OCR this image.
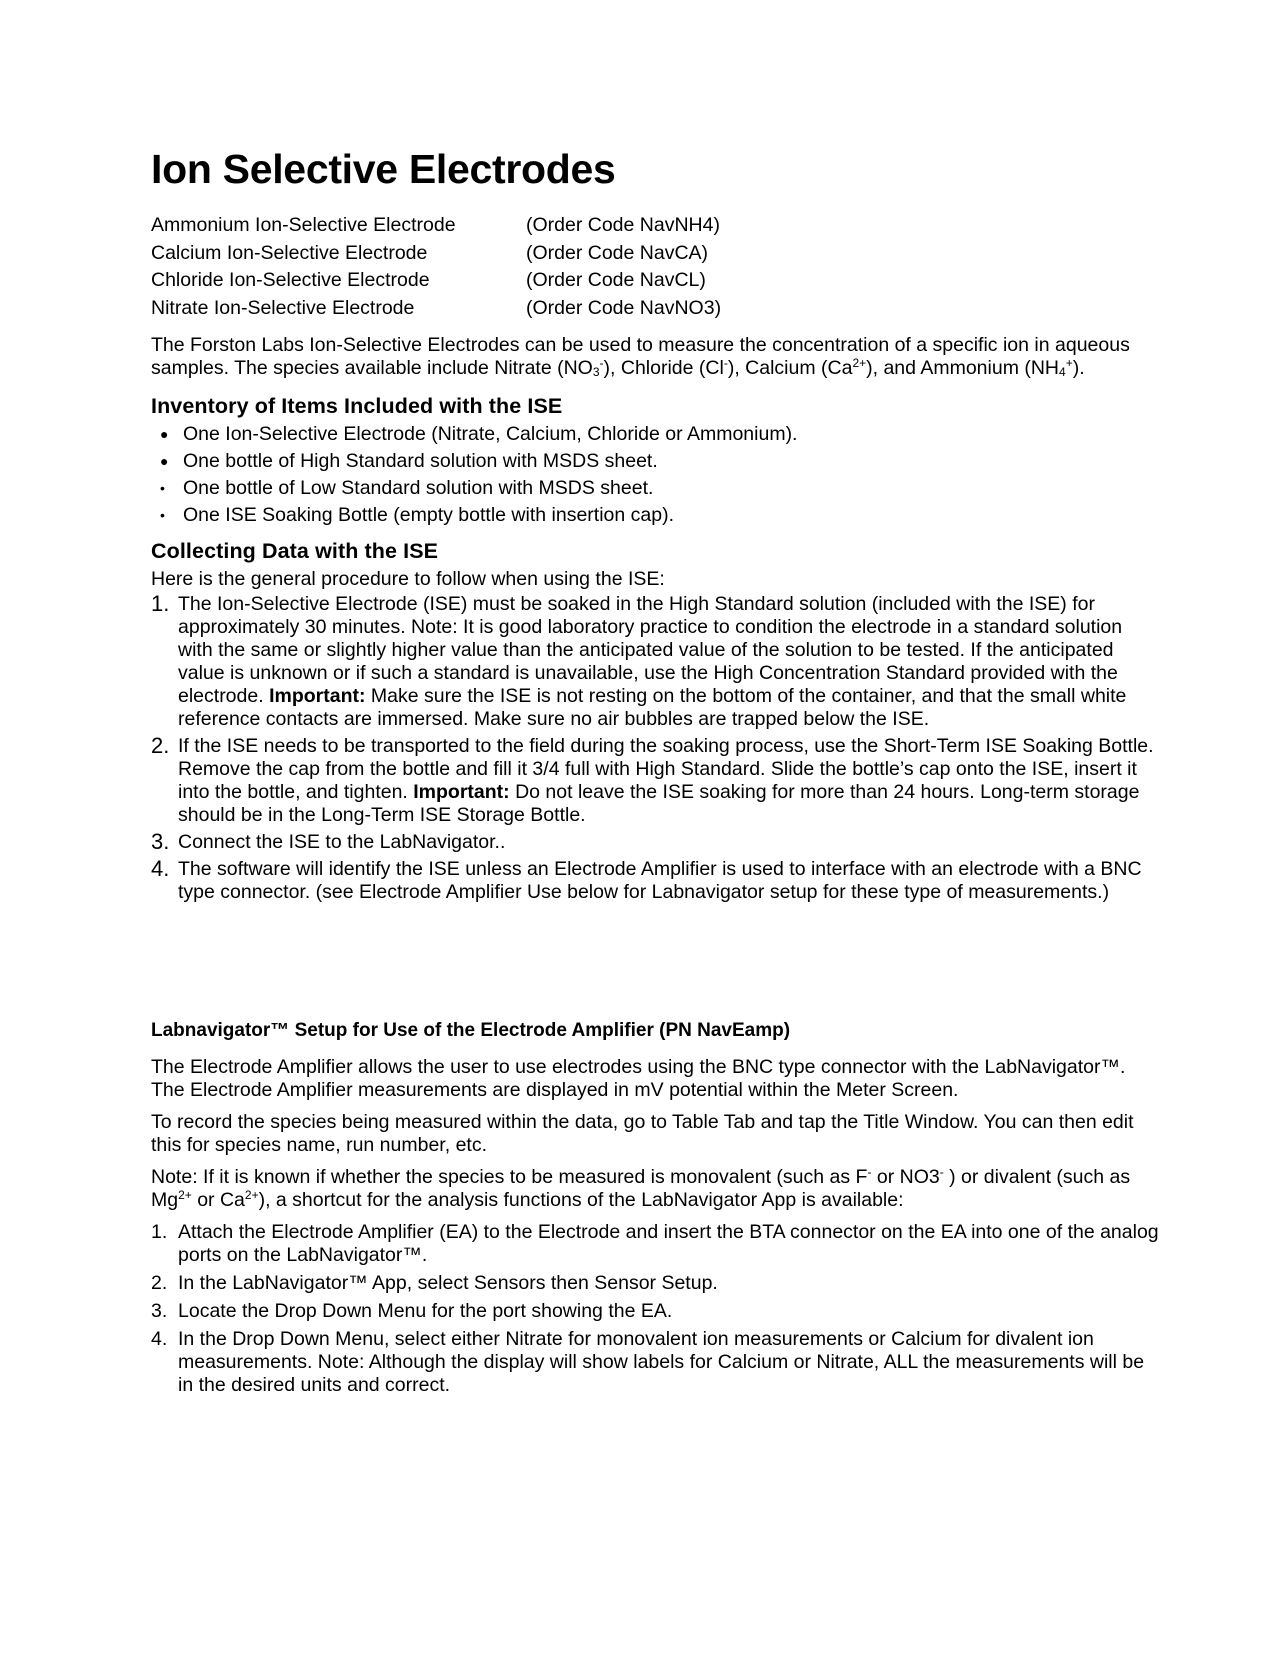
Ion Selective Electrodes
Ammonium Ion-Selective Electrode	(Order Code NavNH4)
Calcium Ion-Selective Electrode	(Order Code NavCA)
Chloride Ion-Selective Electrode	(Order Code NavCL)
Nitrate Ion-Selective Electrode	(Order Code NavNO3)

The Forston Labs Ion-Selective Electrodes can be used to measure the concentration of a specific ion in aqueous samples. The species available include Nitrate $(NO_3^-)$, Chloride (Cl-), Calcium $(Ca^{2+})$, and Ammonium $(NH_4^+)$.

Inventory of Items Included with the ISE
● One Ion-Selective Electrode (Nitrate, Calcium, Chloride or Ammonium).
● One bottle of High Standard solution with MSDS sheet.
• One bottle of Low Standard solution with MSDS sheet.
• One ISE Soaking Bottle (empty bottle with insertion cap).
Collecting Data with the ISE

Here is the general procedure to follow when using the ISE:

1. The Ion-Selective Electrode (ISE) must be soaked in the High Standard solution (included with the ISE) for approximately 30 minutes. Note: It is good laboratory practice to condition the electrode in a standard solution with the same or slightly higher value than the anticipated value of the solution to be tested. If the anticipated value is unknown or if such a standard is unavailable, use the High Concentration Standard provided with the electrode. Important: Make sure the ISE is not resting on the bottom of the container, and that the small white reference contacts are immersed. Make sure no air bubbles are trapped below the ISE.
2. If the ISE needs to be transported to the field during the soaking process, use the Short-Term ISE Soaking Bottle. Remove the cap from the bottle and fill it 3/4 full with High Standard. Slide the bottle’s cap onto the ISE, insert it into the bottle, and tighten. Important: Do not leave the ISE soaking for more than 24 hours. Long-term storage should be in the Long-Term ISE Storage Bottle.
3. Connect the ISE to the LabNavigator..
4. The software will identify the ISE unless an Electrode Amplifier is used to interface with an electrode with a BNC type connector. (see Electrode Amplifier Use below for Labnavigator setup for these type of measurements.)
Labnavigator™ Setup for Use of the Electrode Amplifier (PN NavEamp)

The Electrode Amplifier allows the user to use electrodes using the BNC type connector with the LabNavigator™. The Electrode Amplifier measurements are displayed in mV potential within the Meter Screen.

To record the species being measured within the data, go to Table Tab and tap the Title Window. You can then edit this for species name, run number, etc.

Note: If it is known if whether the species to be measured is monovalent (such as F- or NO3- ) or divalent (such as $Mg^{2+}$ or $Ca^{2+}$), a shortcut for the analysis functions of the LabNavigator App is available:

1. Attach the Electrode Amplifier (EA) to the Electrode and insert the BTA connector on the EA into one of the analog ports on the LabNavigator™.
2. In the LabNavigator™ App, select Sensors then Sensor Setup.
3. Locate the Drop Down Menu for the port showing the EA.
4. In the Drop Down Menu, select either Nitrate for monovalent ion measurements or Calcium for divalent ion measurements. Note: Although the display will show labels for Calcium or Nitrate, ALL the measurements will be in the desired units and correct.
